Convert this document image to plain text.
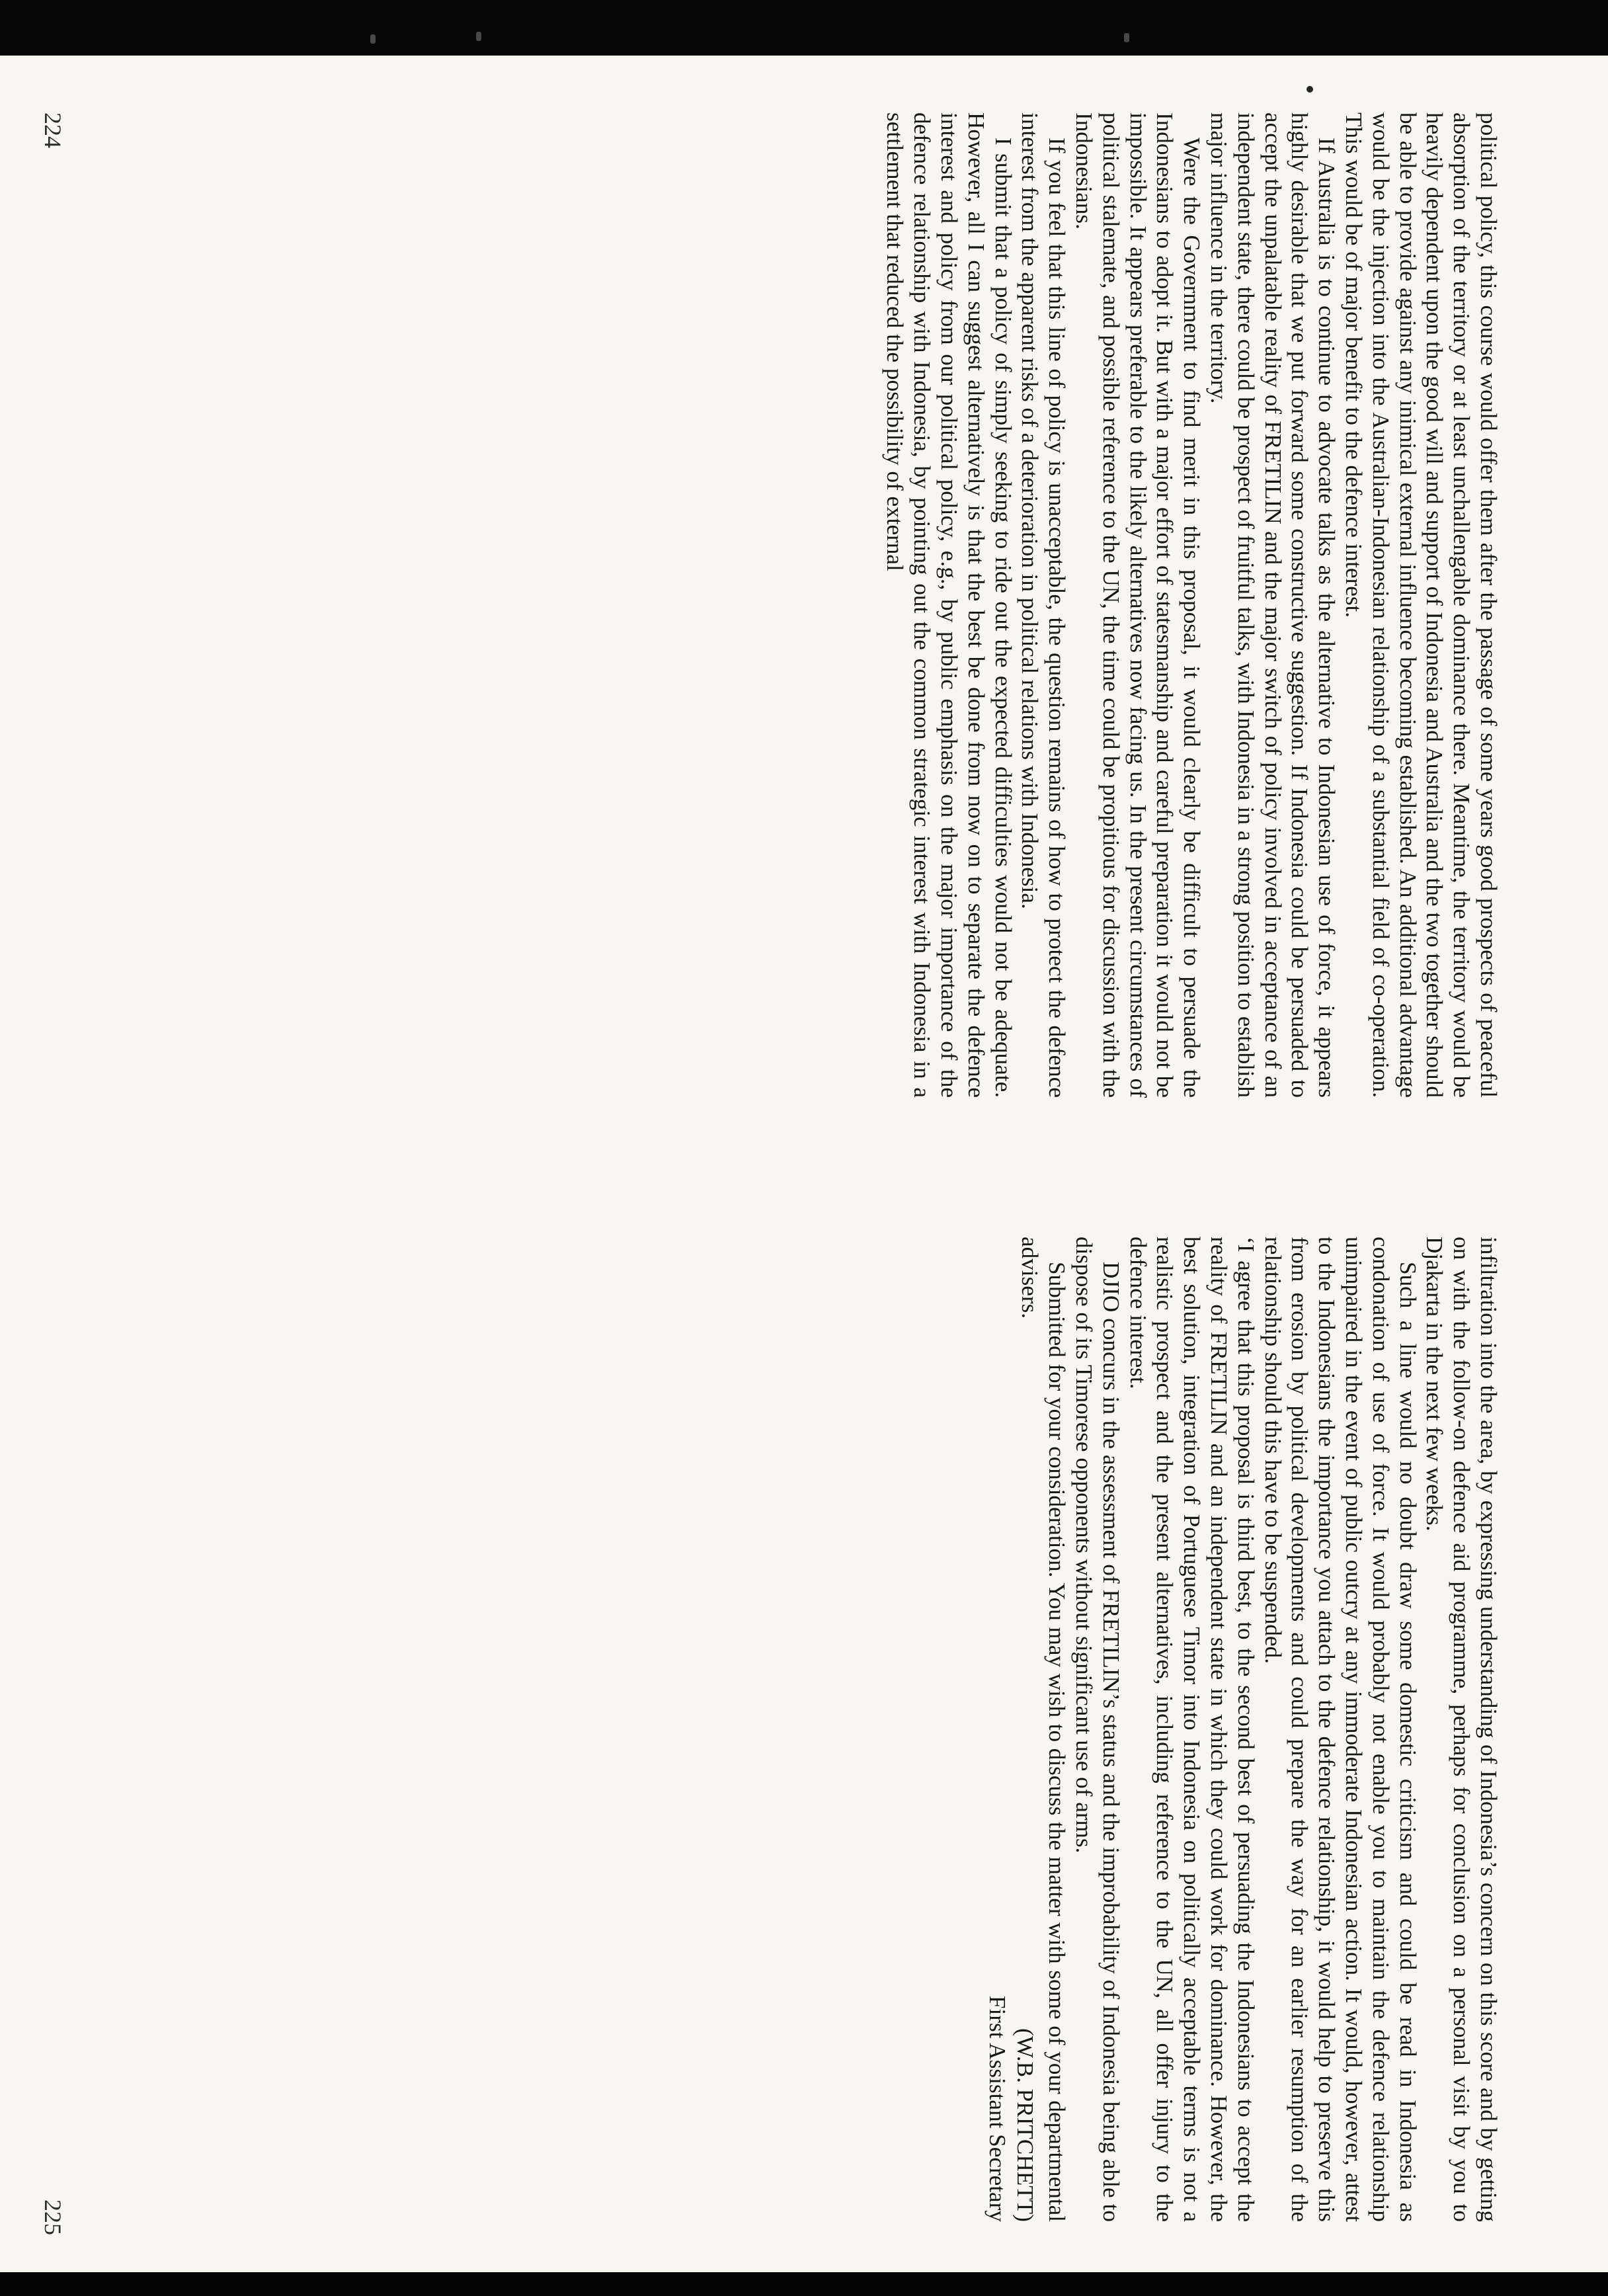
political policy, this course would offer them after the passage of some years good prospects of peaceful absorption of the territory or at least unchallengable dominance there. Meantime, the territory would be heavily dependent upon the good will and support of Indonesia and Australia and the two together should be able to provide against any inimical external influence becoming established. An additional advantage would be the injection into the Australian-Indonesian relationship of a substantial field of co-operation. This would be of major benefit to the defence interest.

If Australia is to continue to advocate talks as the alternative to Indonesian use of force, it appears highly desirable that we put forward some constructive suggestion. If Indonesia could be persuaded to accept the unpalatable reality of FRETILIN and the major switch of policy involved in acceptance of an independent state, there could be prospect of fruitful talks, with Indonesia in a strong position to establish major influence in the territory.

Were the Government to find merit in this proposal, it would clearly be difficult to persuade the Indonesians to adopt it. But with a major effort of statesmanship and careful preparation it would not be impossible. It appears preferable to the likely alternatives now facing us. In the present circumstances of political stalemate, and possible reference to the UN, the time could be propitious for discussion with the Indonesians.

If you feel that this line of policy is unacceptable, the question remains of how to protect the defence interest from the apparent risks of a deterioration in political relations with Indonesia.

I submit that a policy of simply seeking to ride out the expected difficulties would not be adequate. However, all I can suggest alternatively is that the best be done from now on to separate the defence interest and policy from our political policy, e.g., by public emphasis on the major importance of the defence relationship with Indonesia, by pointing out the common strategic interest with Indonesia in a settlement that reduced the possibility of external

224

infiltration into the area, by expressing understanding of Indonesia’s concern on this score and by getting on with the follow-on defence aid programme, perhaps for conclusion on a personal visit by you to Djakarta in the next few weeks.

Such a line would no doubt draw some domestic criticism and could be read in Indonesia as condonation of use of force. It would probably not enable you to maintain the defence relationship unimpaired in the event of public outcry at any immoderate Indonesian action. It would, however, attest to the Indonesians the importance you attach to the defence relationship, it would help to preserve this from erosion by political developments and could prepare the way for an earlier resumption of the relationship should this have to be suspended.

‘I agree that this proposal is third best, to the second best of persuading the Indonesians to accept the reality of FRETILIN and an independent state in which they could work for dominance. However, the best solution, integration of Portuguese Timor into Indonesia on politically acceptable terms is not a realistic prospect and the present alternatives, including reference to the UN, all offer injury to the defence interest.

DJIO concurs in the assessment of FRETILIN’s status and the improbability of Indonesia being able to dispose of its Timorese opponents without significant use of arms.

Submitted for your consideration. You may wish to discuss the matter with some of your departmental advisers.

(W.B. PRITCHETT)
First Assistant Secretary
225
